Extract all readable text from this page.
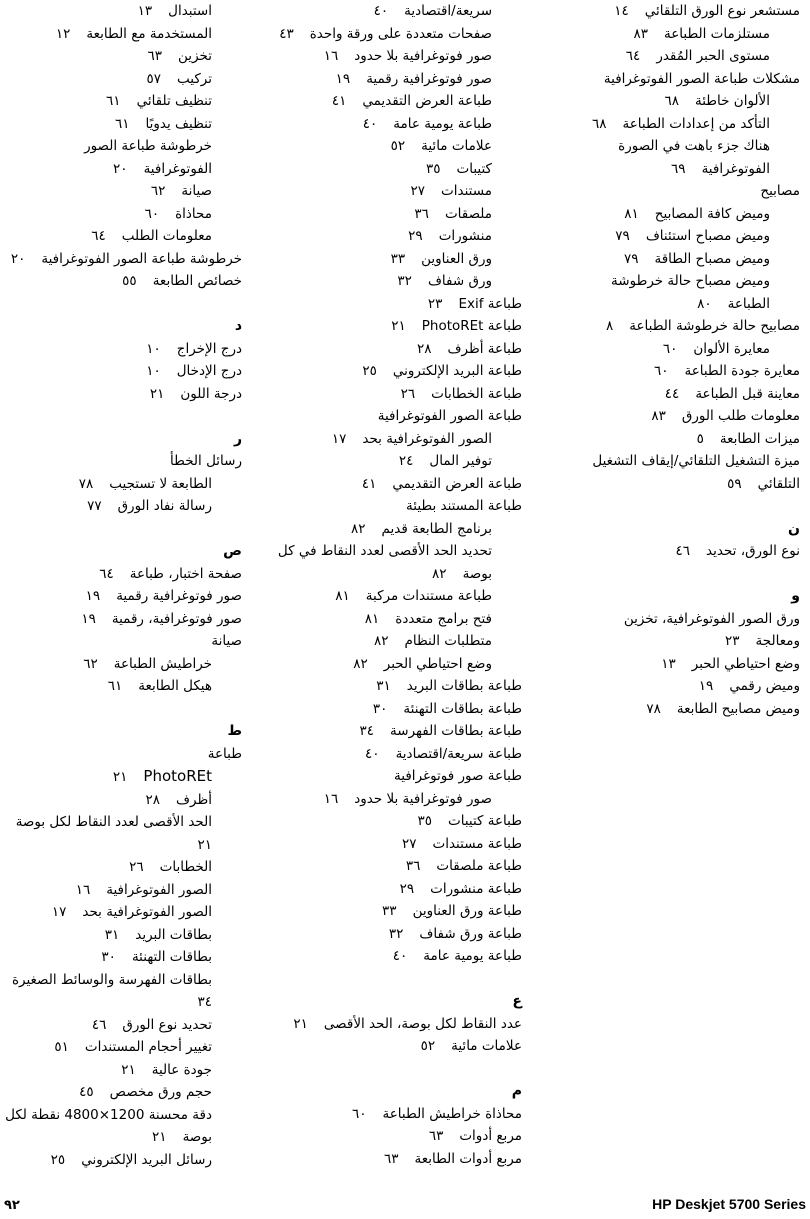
مستشعر نوع الورق التلقائي١٤
مستلزمات الطباعة٨٣
مستوى الحبر المُقدر٦٤
مشكلات طباعة الصور الفوتوغرافية
الألوان خاطئة٦٨
التأكد من إعدادات الطباعة٦٨
هناك جزء باهت في الصورة
الفوتوغرافية٦٩
مصابيح
وميض كافة المصابيح٨١
وميض مصباح استئناف٧٩
وميض مصباح الطاقة٧٩
وميض مصباح حالة خرطوشة
الطباعة٨٠
مصابيح حالة خرطوشة الطباعة٨
معايرة الألوان٦٠
معايرة جودة الطباعة٦٠
معاينة قبل الطباعة٤٤
معلومات طلب الورق٨٣
ميزات الطابعة٥
ميزة التشغيل التلقائي/إيقاف التشغيل
التلقائي٥٩
ن
نوع الورق، تحديد٤٦
و
ورق الصور الفوتوغرافية، تخزين
ومعالجة٢٣
وضع احتياطي الحبر١٣
وميض رقمي١٩
وميض مصابيح الطابعة٧٨
سريعة/اقتصادية٤٠
صفحات متعددة على ورقة واحدة٤٣
صور فوتوغرافية بلا حدود١٦
صور فوتوغرافية رقمية١٩
طباعة العرض التقديمي٤١
طباعة يومية عامة٤٠
علامات مائية٥٢
كتيبات٣٥
مستندات٢٧
ملصقات٣٦
منشورات٢٩
ورق العناوين٣٣
ورق شفاف٣٢
طباعة Exif٢٣
طباعة PhotoREt٢١
طباعة أظرف٢٨
طباعة البريد الإلكتروني٢٥
طباعة الخطابات٢٦
طباعة الصور الفوتوغرافية
الصور الفوتوغرافية بحد١٧
توفير المال٢٤
طباعة العرض التقديمي٤١
طباعة المستند بطيئة
برنامج الطابعة قديم٨٢
تحديد الحد الأقصى لعدد النقاط في كل
بوصة٨٢
طباعة مستندات مركبة٨١
فتح برامج متعددة٨١
متطلبات النظام٨٢
وضع احتياطي الحبر٨٢
طباعة بطاقات البريد٣١
طباعة بطاقات التهنئة٣٠
طباعة بطاقات الفهرسة٣٤
طباعة سريعة/اقتصادية٤٠
طباعة صور فوتوغرافية
صور فوتوغرافية بلا حدود١٦
طباعة كتيبات٣٥
طباعة مستندات٢٧
طباعة ملصقات٣٦
طباعة منشورات٢٩
طباعة ورق العناوين٣٣
طباعة ورق شفاف٣٢
طباعة يومية عامة٤٠
ع
عدد النقاط لكل بوصة، الحد الأقصى٢١
علامات مائية٥٢
م
محاذاة خراطيش الطباعة٦٠
مربع أدوات٦٣
مربع أدوات الطابعة٦٣
استبدال١٣
المستخدمة مع الطابعة١٢
تخزين٦٣
تركيب٥٧
تنظيف تلقائي٦١
تنظيف يدويًا٦١
خرطوشة طباعة الصور
الفوتوغرافية٢٠
صيانة٦٢
محاذاة٦٠
معلومات الطلب٦٤
خرطوشة طباعة الصور الفوتوغرافية٢٠
خصائص الطابعة٥٥
د
درج الإخراج١٠
درج الإدخال١٠
درجة اللون٢١
ر
رسائل الخطأ
الطابعة لا تستجيب٧٨
رسالة نفاد الورق٧٧
ص
صفحة اختبار، طباعة٦٤
صور فوتوغرافية رقمية١٩
صور فوتوغرافية، رقمية١٩
صيانة
خراطيش الطباعة٦٢
هيكل الطابعة٦١
ط
طباعة
PhotoREt٢١
أظرف٢٨
الحد الأقصى لعدد النقاط لكل بوصة
٢١
الخطابات٢٦
الصور الفوتوغرافية١٦
الصور الفوتوغرافية بحد١٧
بطاقات البريد٣١
بطاقات التهنئة٣٠
بطاقات الفهرسة والوسائط الصغيرة
٣٤
تحديد نوع الورق٤٦
تغيير أحجام المستندات٥١
جودة عالية٢١
حجم ورق مخصص٤٥
دقة محسنة 1200×4800 نقطة لكل
بوصة٢١
رسائل البريد الإلكتروني٢٥
٩٢	HP Deskjet 5700 Series
